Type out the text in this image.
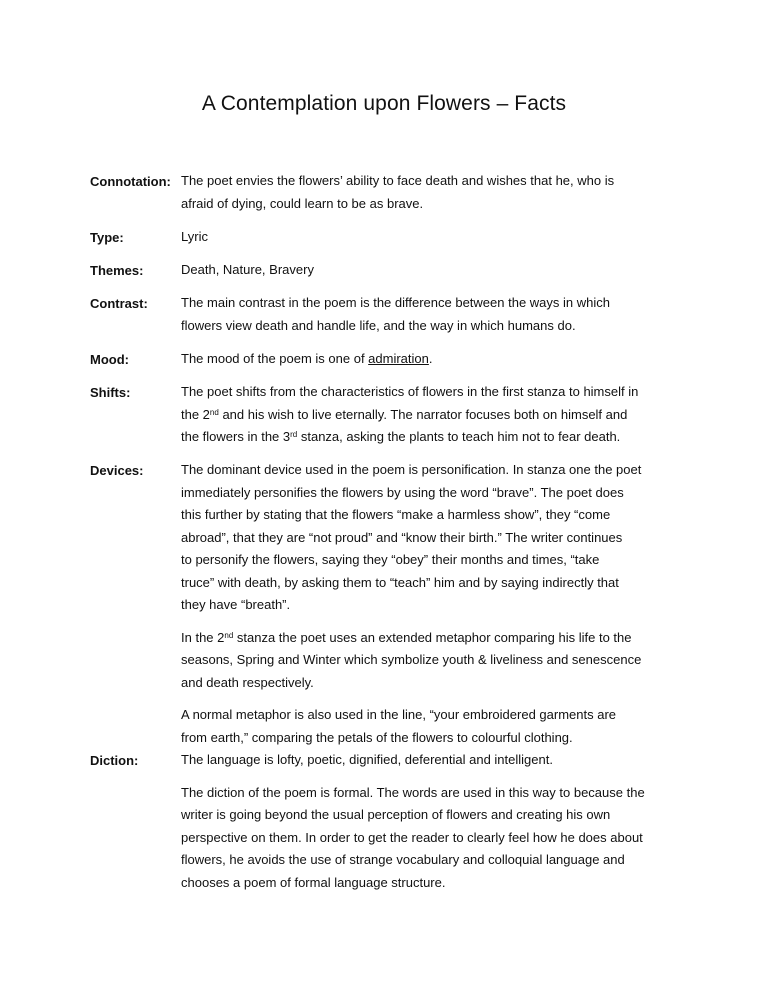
A Contemplation upon Flowers – Facts
Connotation: The poet envies the flowers’ ability to face death and wishes that he, who is
afraid of dying, could learn to be as brave.
Type:	Lyric
Themes:	Death, Nature, Bravery
Contrast:	The main contrast in the poem is the difference between the ways in which
flowers view death and handle life, and the way in which humans do.
Mood:	The mood of the poem is one of admiration.
Shifts:	The poet shifts from the characteristics of flowers in the first stanza to himself in
the 2nd and his wish to live eternally. The narrator focuses both on himself and
the flowers in the 3rd stanza, asking the plants to teach him not to fear death.
Devices:	The dominant device used in the poem is personification. In stanza one the poet
immediately personifies the flowers by using the word “brave”. The poet does
this further by stating that the flowers “make a harmless show”, they “come
abroad”, that they are “not proud” and “know their birth.” The writer continues
to personify the flowers, saying they “obey” their months and times, “take
truce” with death, by asking them to “teach” him and by saying indirectly that
they have “breath”.
In the 2nd stanza the poet uses an extended metaphor comparing his life to the
seasons, Spring and Winter which symbolize youth & liveliness and senescence
and death respectively.
A normal metaphor is also used in the line, “your embroidered garments are
from earth,” comparing the petals of the flowers to colourful clothing.
Diction:	The language is lofty, poetic, dignified, deferential and intelligent.
The diction of the poem is formal. The words are used in this way to because the
writer is going beyond the usual perception of flowers and creating his own
perspective on them. In order to get the reader to clearly feel how he does about
flowers, he avoids the use of strange vocabulary and colloquial language and
chooses a poem of formal language structure.
